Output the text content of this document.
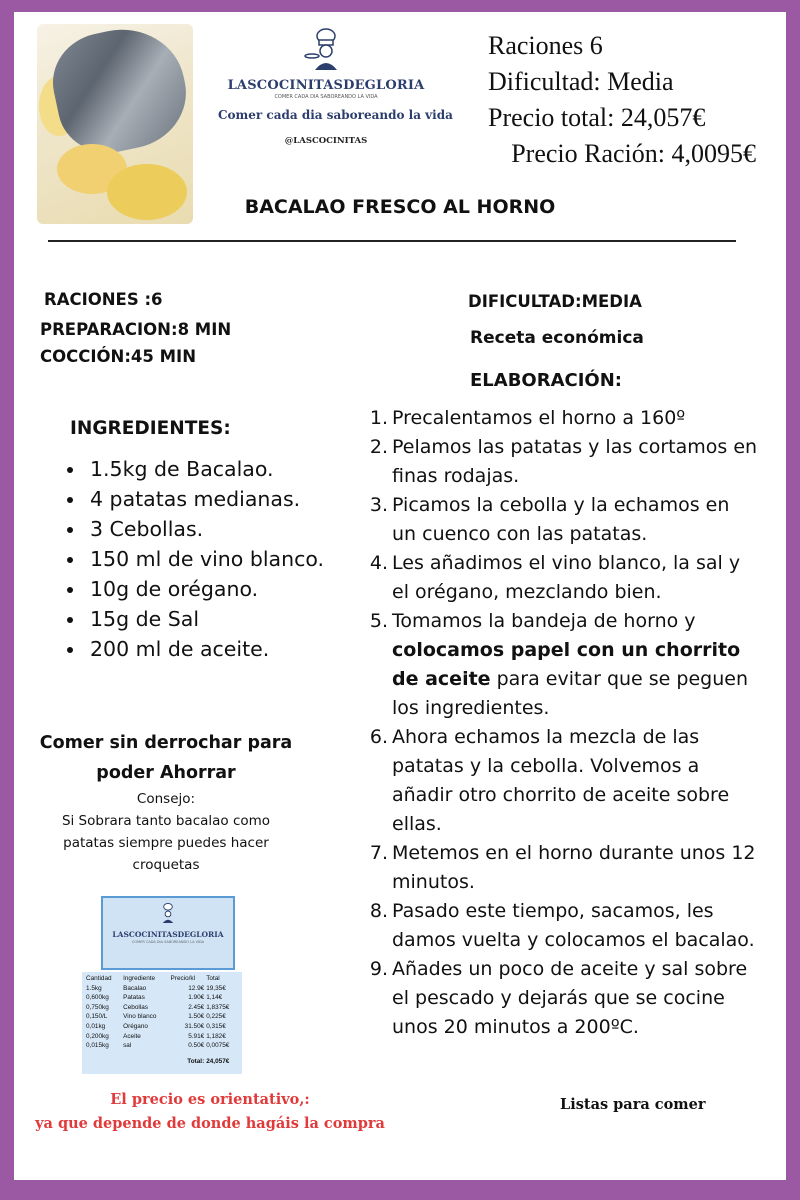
LASCOCINITASDEGLORIA
COMER CADA DIA SABOREANDO LA VIDA
Comer cada dia saboreando la vida
@LASCOCINITAS
Raciones 6
Dificultad: Media
Precio total: 24,057€
Precio Ración: 4,0095€
BACALAO FRESCO AL HORNO
RACIONES :6
PREPARACION:8 MIN
COCCIÓN:45 MIN
DIFICULTAD:MEDIA
Receta económica
ELABORACIÓN:
INGREDIENTES:
• 1.5kg de Bacalao.
• 4 patatas medianas.
• 3 Cebollas.
• 150 ml de vino blanco.
• 10g de orégano.
• 15g de Sal
• 200 ml de aceite.
Comer sin derrochar para poder Ahorrar
Consejo:
Si Sobrara tanto bacalao como patatas siempre puedes hacer croquetas
LASCOCINITASDEGLORIA
COMER CADA DIA SABOREANDO LA VIDA
Cantidad	Ingrediente	Precio/kl	Total
1.5kg	Bacalao	12.9€	19,35€
0,600kg	Patatas	1.90€	1,14€
0,750kg	Cebollas	2.45€	1,8375€
0,150/L	Vino blanco	1.50€	0,225€
0,01kg	Orégano	31.50€	0,315€
0,200kg	Aceite	5.91€	1,182€
0,015kg	sal	0.50€	0,0075€

		Total:	24,057€
El precio es orientativo,:
ya que depende de donde hagáis la compra
Listas para comer
1. Precalentamos el horno a 160º
2. Pelamos las patatas y las cortamos en finas rodajas.
3. Picamos la cebolla y la echamos en un cuenco con las patatas.
4. Les añadimos el vino blanco, la sal y el orégano, mezclando bien.
5. Tomamos la bandeja de horno y colocamos papel con un chorrito de aceite para evitar que se peguen los ingredientes.
6. Ahora echamos la mezcla de las patatas y la cebolla. Volvemos a añadir otro chorrito de aceite sobre ellas.
7. Metemos en el horno durante unos 12 minutos.
8. Pasado este tiempo, sacamos, les damos vuelta y colocamos el bacalao.
9. Añades un poco de aceite y sal sobre el pescado y dejarás que se cocine unos 20 minutos a 200ºC.
